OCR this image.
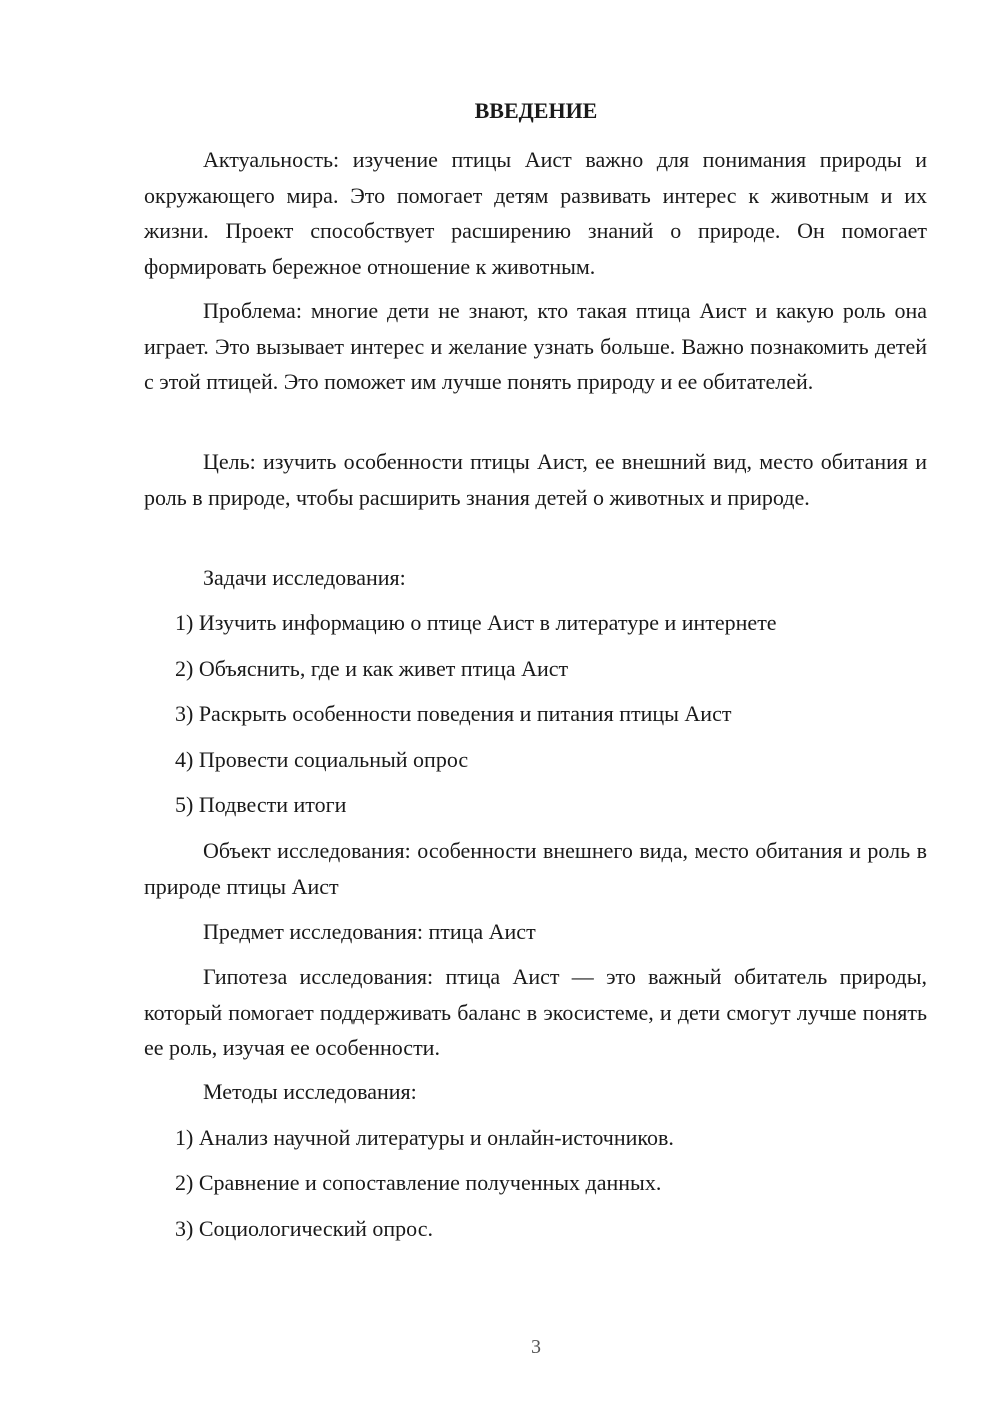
ВВЕДЕНИЕ
Актуальность: изучение птицы Аист важно для понимания природы и окружающего мира. Это помогает детям развивать интерес к животным и их жизни. Проект способствует расширению знаний о природе. Он помогает формировать бережное отношение к животным.
Проблема: многие дети не знают, кто такая птица Аист и какую роль она играет. Это вызывает интерес и желание узнать больше. Важно познакомить детей с этой птицей. Это поможет им лучше понять природу и ее обитателей.
Цель: изучить особенности птицы Аист, ее внешний вид, место обитания и роль в природе, чтобы расширить знания детей о животных и природе.
Задачи исследования:
1) Изучить информацию о птице Аист в литературе и интернете
2) Объяснить, где и как живет птица Аист
3) Раскрыть особенности поведения и питания птицы Аист
4) Провести социальный опрос
5) Подвести итоги
Объект исследования: особенности внешнего вида, место обитания и роль в природе птицы Аист
Предмет исследования: птица Аист
Гипотеза исследования: птица Аист — это важный обитатель природы, который помогает поддерживать баланс в экосистеме, и дети смогут лучше понять ее роль, изучая ее особенности.
Методы исследования:
1) Анализ научной литературы и онлайн-источников.
2) Сравнение и сопоставление полученных данных.
3) Социологический опрос.
3
